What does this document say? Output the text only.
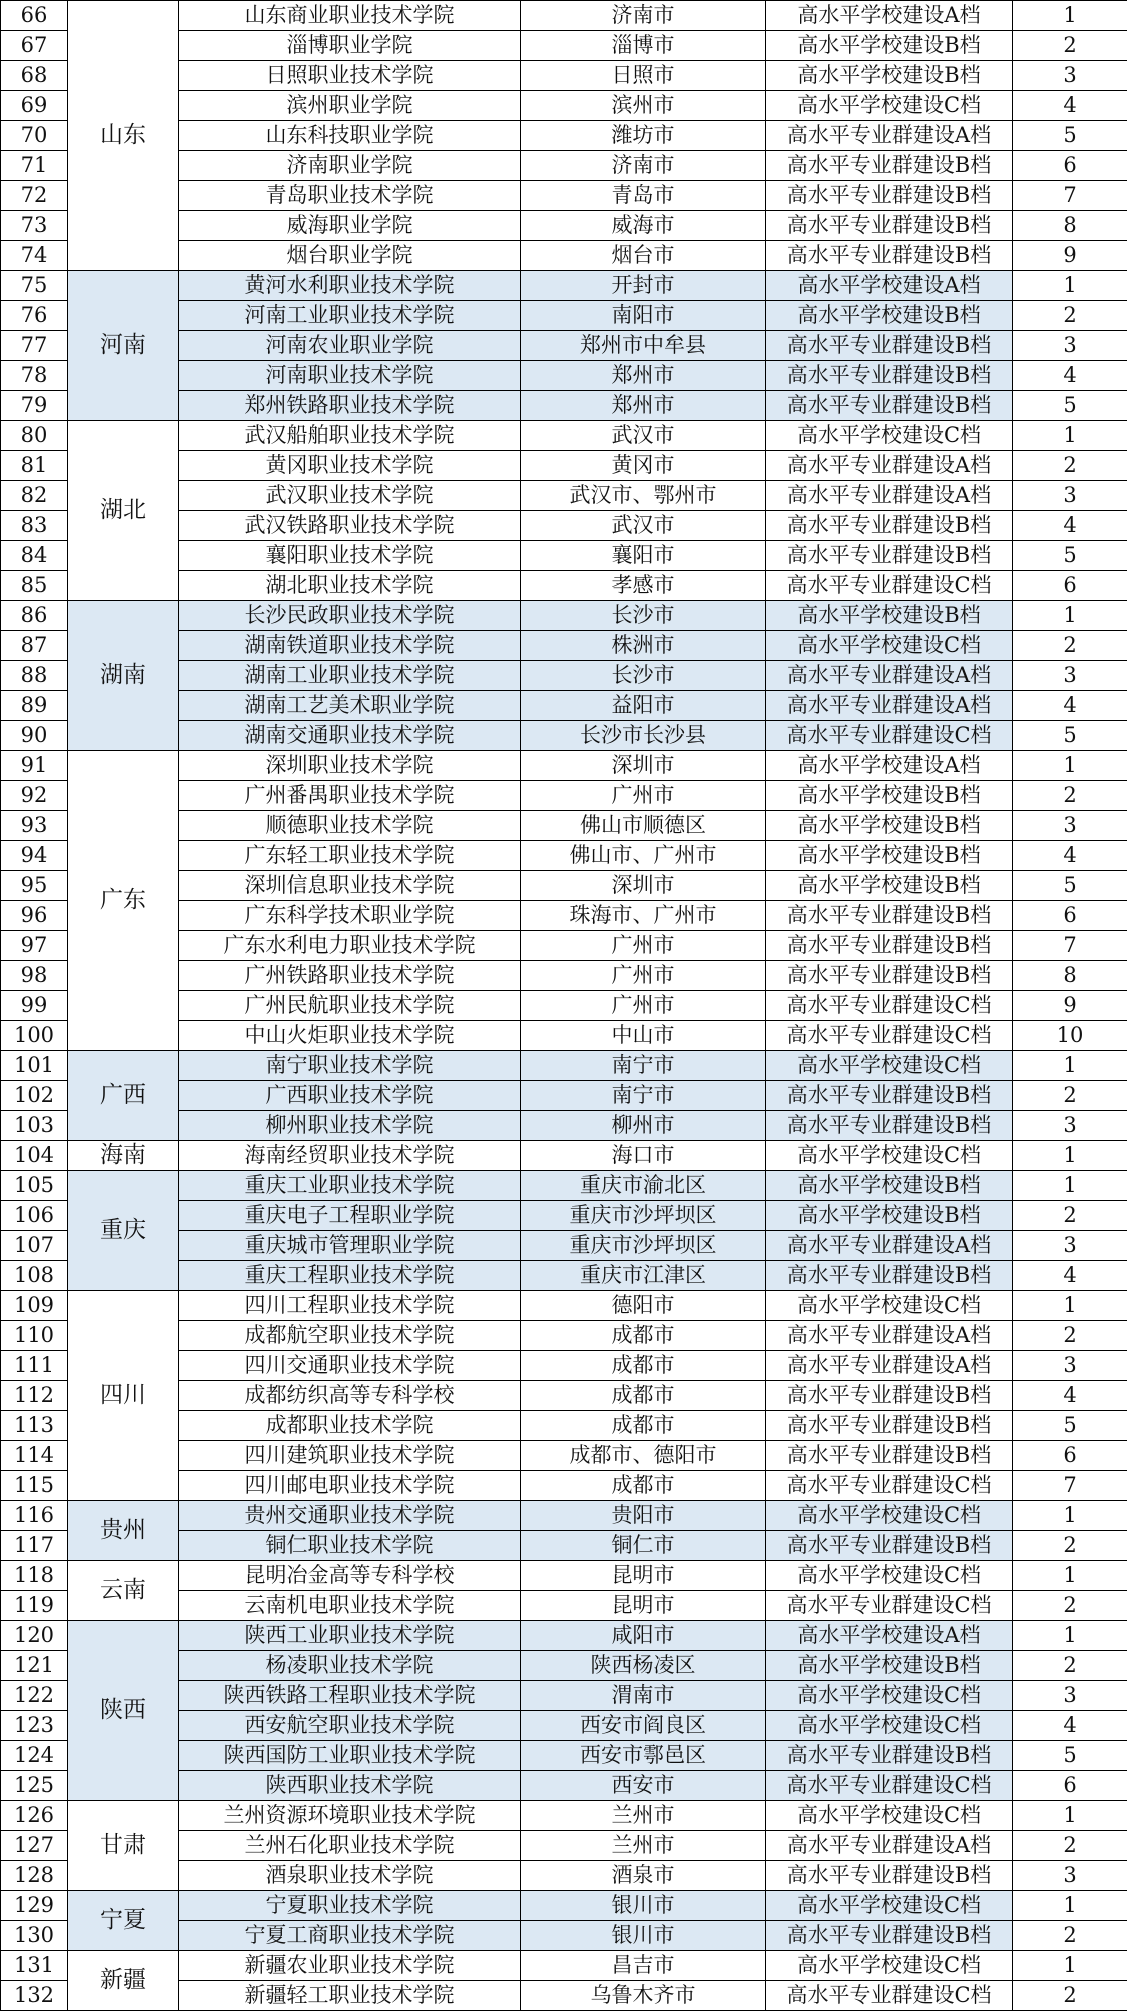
66	山东	山东商业职业技术学院	济南市	高水平学校建设A档	1
67		淄博职业学院	淄博市	高水平学校建设B档	2
68		日照职业技术学院	日照市	高水平学校建设B档	3
69		滨州职业学院	滨州市	高水平学校建设C档	4
70		山东科技职业学院	潍坊市	高水平专业群建设A档	5
71		济南职业学院	济南市	高水平专业群建设B档	6
72		青岛职业技术学院	青岛市	高水平专业群建设B档	7
73		威海职业学院	威海市	高水平专业群建设B档	8
74		烟台职业学院	烟台市	高水平专业群建设B档	9
75	河南	黄河水利职业技术学院	开封市	高水平学校建设A档	1
76		河南工业职业技术学院	南阳市	高水平学校建设B档	2
77		河南农业职业学院	郑州市中牟县	高水平专业群建设B档	3
78		河南职业技术学院	郑州市	高水平专业群建设B档	4
79		郑州铁路职业技术学院	郑州市	高水平专业群建设B档	5
80	湖北	武汉船舶职业技术学院	武汉市	高水平学校建设C档	1
81		黄冈职业技术学院	黄冈市	高水平专业群建设A档	2
82		武汉职业技术学院	武汉市、鄂州市	高水平专业群建设A档	3
83		武汉铁路职业技术学院	武汉市	高水平专业群建设B档	4
84		襄阳职业技术学院	襄阳市	高水平专业群建设B档	5
85		湖北职业技术学院	孝感市	高水平专业群建设C档	6
86	湖南	长沙民政职业技术学院	长沙市	高水平学校建设B档	1
87		湖南铁道职业技术学院	株洲市	高水平学校建设C档	2
88		湖南工业职业技术学院	长沙市	高水平专业群建设A档	3
89		湖南工艺美术职业学院	益阳市	高水平专业群建设A档	4
90		湖南交通职业技术学院	长沙市长沙县	高水平专业群建设C档	5
91	广东	深圳职业技术学院	深圳市	高水平学校建设A档	1
92		广州番禺职业技术学院	广州市	高水平学校建设B档	2
93		顺德职业技术学院	佛山市顺德区	高水平学校建设B档	3
94		广东轻工职业技术学院	佛山市、广州市	高水平学校建设B档	4
95		深圳信息职业技术学院	深圳市	高水平学校建设B档	5
96		广东科学技术职业学院	珠海市、广州市	高水平专业群建设B档	6
97		广东水利电力职业技术学院	广州市	高水平专业群建设B档	7
98		广州铁路职业技术学院	广州市	高水平专业群建设B档	8
99		广州民航职业技术学院	广州市	高水平专业群建设C档	9
100		中山火炬职业技术学院	中山市	高水平专业群建设C档	10
101	广西	南宁职业技术学院	南宁市	高水平学校建设C档	1
102		广西职业技术学院	南宁市	高水平专业群建设B档	2
103		柳州职业技术学院	柳州市	高水平专业群建设B档	3
104	海南	海南经贸职业技术学院	海口市	高水平学校建设C档	1
105	重庆	重庆工业职业技术学院	重庆市渝北区	高水平学校建设B档	1
106		重庆电子工程职业学院	重庆市沙坪坝区	高水平学校建设B档	2
107		重庆城市管理职业学院	重庆市沙坪坝区	高水平专业群建设A档	3
108		重庆工程职业技术学院	重庆市江津区	高水平专业群建设B档	4
109	四川	四川工程职业技术学院	德阳市	高水平学校建设C档	1
110		成都航空职业技术学院	成都市	高水平专业群建设A档	2
111		四川交通职业技术学院	成都市	高水平专业群建设A档	3
112		成都纺织高等专科学校	成都市	高水平专业群建设B档	4
113		成都职业技术学院	成都市	高水平专业群建设B档	5
114		四川建筑职业技术学院	成都市、德阳市	高水平专业群建设B档	6
115		四川邮电职业技术学院	成都市	高水平专业群建设C档	7
116	贵州	贵州交通职业技术学院	贵阳市	高水平学校建设C档	1
117		铜仁职业技术学院	铜仁市	高水平专业群建设B档	2
118	云南	昆明冶金高等专科学校	昆明市	高水平学校建设C档	1
119		云南机电职业技术学院	昆明市	高水平专业群建设C档	2
120	陕西	陕西工业职业技术学院	咸阳市	高水平学校建设A档	1
121		杨凌职业技术学院	陕西杨凌区	高水平学校建设B档	2
122		陕西铁路工程职业技术学院	渭南市	高水平学校建设C档	3
123		西安航空职业技术学院	西安市阎良区	高水平学校建设C档	4
124		陕西国防工业职业技术学院	西安市鄠邑区	高水平专业群建设B档	5
125		陕西职业技术学院	西安市	高水平专业群建设C档	6
126	甘肃	兰州资源环境职业技术学院	兰州市	高水平学校建设C档	1
127		兰州石化职业技术学院	兰州市	高水平专业群建设A档	2
128		酒泉职业技术学院	酒泉市	高水平专业群建设B档	3
129	宁夏	宁夏职业技术学院	银川市	高水平学校建设C档	1
130		宁夏工商职业技术学院	银川市	高水平专业群建设B档	2
131	新疆	新疆农业职业技术学院	昌吉市	高水平学校建设C档	1
132		新疆轻工职业技术学院	乌鲁木齐市	高水平专业群建设C档	2
